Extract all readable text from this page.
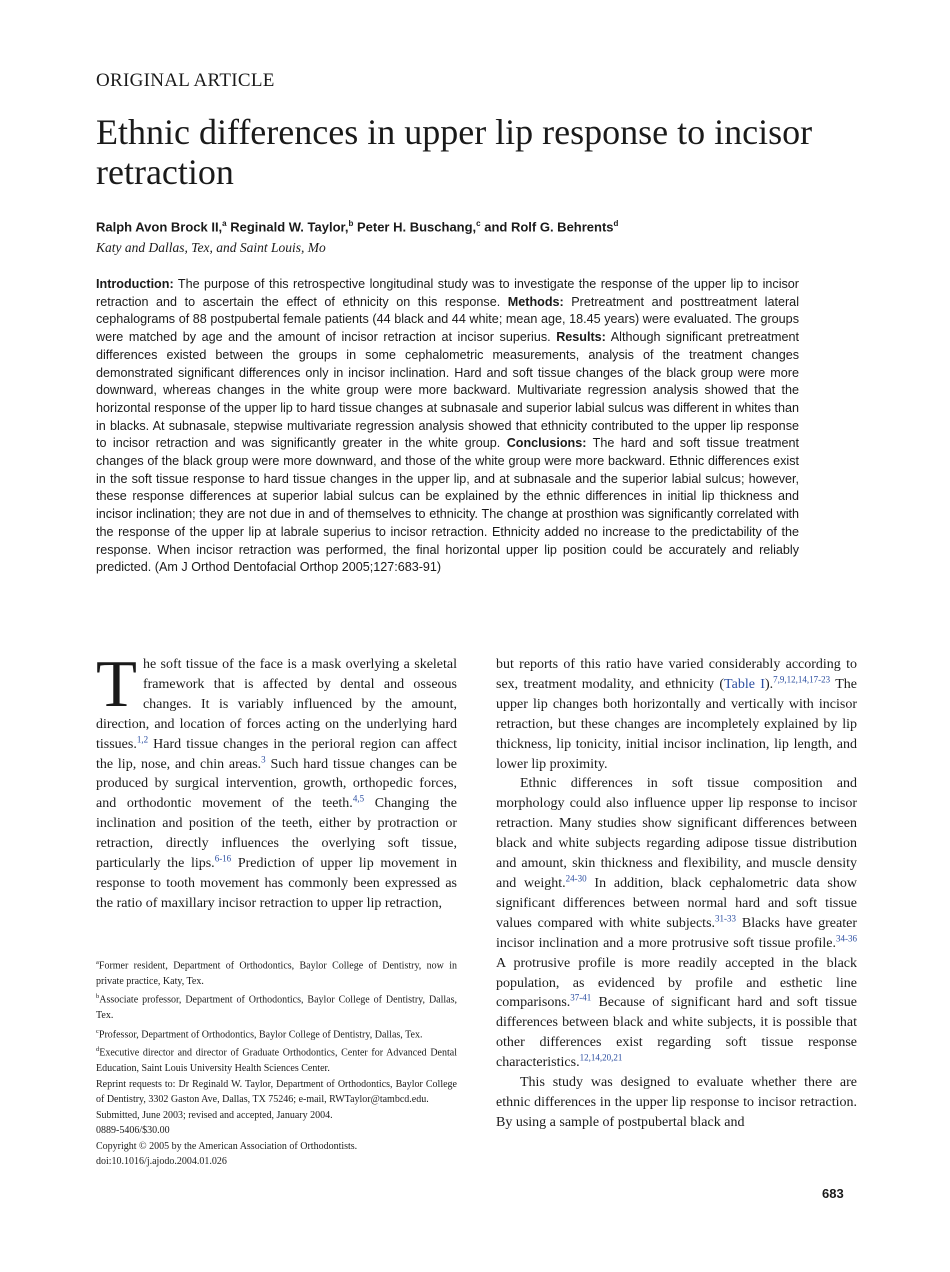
ORIGINAL ARTICLE
Ethnic differences in upper lip response to incisor retraction
Ralph Avon Brock II,$^a$ Reginald W. Taylor,$^b$ Peter H. Buschang,$^c$ and Rolf G. Behrents$^d$
Katy and Dallas, Tex, and Saint Louis, Mo
Introduction: The purpose of this retrospective longitudinal study was to investigate the response of the upper lip to incisor retraction and to ascertain the effect of ethnicity on this response. Methods: Pretreatment and posttreatment lateral cephalograms of 88 postpubertal female patients (44 black and 44 white; mean age, 18.45 years) were evaluated. The groups were matched by age and the amount of incisor retraction at incisor superius. Results: Although significant pretreatment differences existed between the groups in some cephalometric measurements, analysis of the treatment changes demonstrated significant differences only in incisor inclination. Hard and soft tissue changes of the black group were more downward, whereas changes in the white group were more backward. Multivariate regression analysis showed that the horizontal response of the upper lip to hard tissue changes at subnasale and superior labial sulcus was different in whites than in blacks. At subnasale, stepwise multivariate regression analysis showed that ethnicity contributed to the upper lip response to incisor retraction and was significantly greater in the white group. Conclusions: The hard and soft tissue treatment changes of the black group were more downward, and those of the white group were more backward. Ethnic differences exist in the soft tissue response to hard tissue changes in the upper lip, and at subnasale and the superior labial sulcus; however, these response differences at superior labial sulcus can be explained by the ethnic differences in initial lip thickness and incisor inclination; they are not due in and of themselves to ethnicity. The change at prosthion was significantly correlated with the response of the upper lip at labrale superius to incisor retraction. Ethnicity added no increase to the predictability of the response. When incisor retraction was performed, the final horizontal upper lip position could be accurately and reliably predicted. (Am J Orthod Dentofacial Orthop 2005;127:683-91)

The soft tissue of the face is a mask overlying a skeletal framework that is affected by dental and osseous changes. It is variably influenced by the amount, direction, and location of forces acting on the underlying hard tissues.$^{1,2}$ Hard tissue changes in the perioral region can affect the lip, nose, and chin areas.$^3$ Such hard tissue changes can be produced by surgical intervention, growth, orthopedic forces, and orthodontic movement of the teeth.$^{4,5}$ Changing the inclination and position of the teeth, either by protraction or retraction, directly influences the overlying soft tissue, particularly the lips.$^{6-16}$ Prediction of upper lip movement in response to tooth movement has commonly been expressed as the ratio of maxillary incisor retraction to upper lip retraction,

$^a$Former resident, Department of Orthodontics, Baylor College of Dentistry, now in private practice, Katy, Tex.

$^b$Associate professor, Department of Orthodontics, Baylor College of Dentistry, Dallas, Tex.

$^c$Professor, Department of Orthodontics, Baylor College of Dentistry, Dallas, Tex.

$^d$Executive director and director of Graduate Orthodontics, Center for Advanced Dental Education, Saint Louis University Health Sciences Center.

Reprint requests to: Dr Reginald W. Taylor, Department of Orthodontics, Baylor College of Dentistry, 3302 Gaston Ave, Dallas, TX 75246; e-mail, RWTaylor@tambcd.edu.

Submitted, June 2003; revised and accepted, January 2004.

0889-5406/$30.00

Copyright © 2005 by the American Association of Orthodontists.

doi:10.1016/j.ajodo.2004.01.026

but reports of this ratio have varied considerably according to sex, treatment modality, and ethnicity (Table I).$^{7,9,12,14,17-23}$ The upper lip changes both horizontally and vertically with incisor retraction, but these changes are incompletely explained by lip thickness, lip tonicity, initial incisor inclination, lip length, and lower lip proximity.

Ethnic differences in soft tissue composition and morphology could also influence upper lip response to incisor retraction. Many studies show significant differences between black and white subjects regarding adipose tissue distribution and amount, skin thickness and flexibility, and muscle density and weight.$^{24-30}$ In addition, black cephalometric data show significant differences between normal hard and soft tissue values compared with white subjects.$^{31-33}$ Blacks have greater incisor inclination and a more protrusive soft tissue profile.$^{34-36}$ A protrusive profile is more readily accepted in the black population, as evidenced by profile and esthetic line comparisons.$^{37-41}$ Because of significant hard and soft tissue differences between black and white subjects, it is possible that other differences exist regarding soft tissue response characteristics.$^{12,14,20,21}$

This study was designed to evaluate whether there are ethnic differences in the upper lip response to incisor retraction. By using a sample of postpubertal black and

683
